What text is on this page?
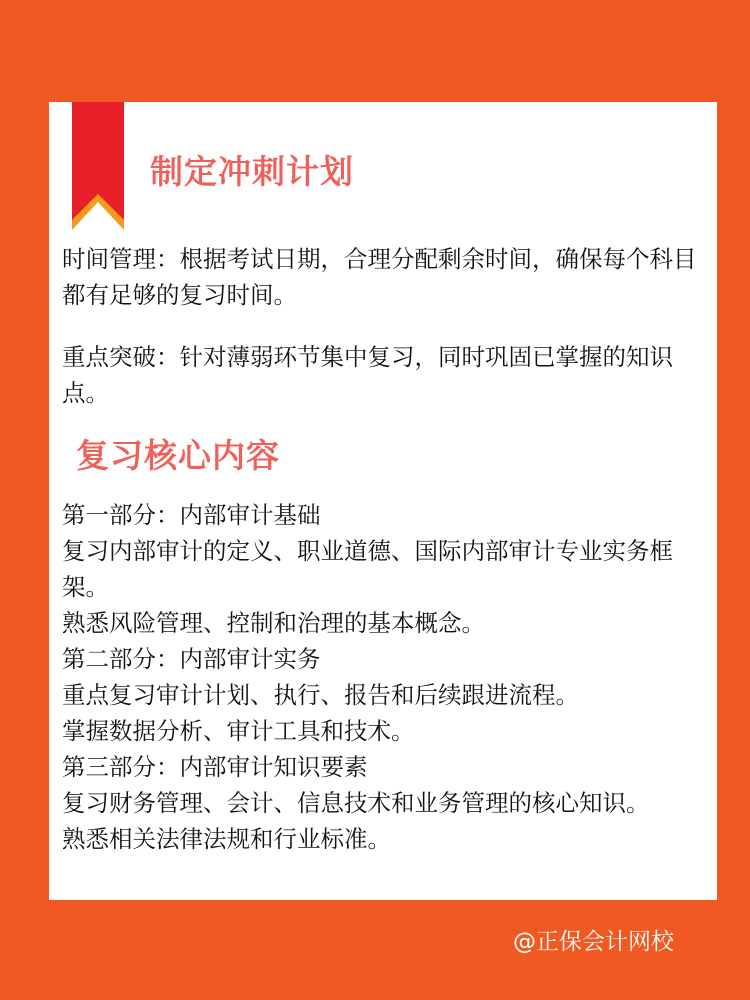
制定冲刺计划

时间管理：根据考试日期，合理分配剩余时间，确保每个科目都有足够的复习时间。

重点突破：针对薄弱环节集中复习，同时巩固已掌握的知识点。

复习核心内容
第一部分：内部审计基础
复习内部审计的定义、职业道德、国际内部审计专业实务框架。
熟悉风险管理、控制和治理的基本概念。
第二部分：内部审计实务
重点复习审计计划、执行、报告和后续跟进流程。
掌握数据分析、审计工具和技术。
第三部分：内部审计知识要素
复习财务管理、会计、信息技术和业务管理的核心知识。
熟悉相关法律法规和行业标准。
@正保会计网校
